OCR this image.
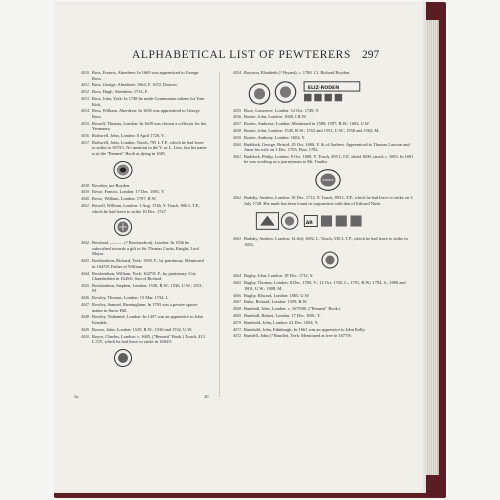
ALPHABETICAL LIST OF PEWTERERS 297
4030. Ross, Francis, Aberdeen: In 1669 was apprenticed to George Ross.
4031. Ross, George, Aberdeen: 1664, F. 1672, Deacon.
4032. Ross, Hugh, Aberdeen: 1713, F.
4033. Ross, John, York: In 1748 he made Communion tokens for Yarn Kirk.
4034. Ross, William, Aberdeen: In 1650 was apprenticed to George Ross.
4035. Rossell, Thomas, London: In 1609 was chosen a collector for the Yeomanry.
4036. Rothwell, John, London: 8 April 1726, Y.
4037. Rothwell, John, London: Touch, 795 L.T.P., which he had leave to strike in 1670/1. No mention in the Y. or L. Lists, but his name is in the "Bennett" Book as dying in 1681.
4038. Rowden, see Boyden.
4039. Rowe, Francis, London: 17 Dec. 1691, Y.
4040. Rowe, William, London: 1707, R.W.
4041. Rowell, William, London: 1 Aug. 1746, Y. Touch, 806 L.T.P., which he had leave to strike 10 Dec. 1747.
4042. Rowland, ——— (? Rowlandson), London: In 1556 he subscribed towards a gift to Sir Thomas Curtis, Knight, Lord Mayor.
4043. Rowlandson, Richard, York: 1590, F., by patrimony. Mentioned in 1647/8. Father of William.
4044. Rowlandson, William, York: 1627/8, F., by patrimony. City Chamberlain in 1645/6. Son of Richard.
4045. Rowlandson, Stephen, London: 1530, R.W.; 1536, U.W.; 1551, M.
4046. Rowley, Thomas, London: 15 Mar. 1734, L.
4047. Rowley, Samuel, Birmingham: In 1793 was a pewter spoon-maker in Snow Hill.
4048. Rowley, Nathaniel, London: In 1457 was an apprentice to John Kendale.
4049. Rowse, John, London: 1529, R.W.; 1536 and 1532, U.W.
4050. Royce, Charles, London: c. 1685, ("Bennett" Book.) Touch, 413 L.T.P., which he had leave to strike in 1684/5.
4054. Royston, Elizabeth (? Bryant), c. 1700. Cf. Richard Royden.
ELIZ·RODEN
4055. Roze, Lawrence, London: 12 Oct. 1749, Y.
4056. Rozier, John, London: 1600, I.R.W.
4057. Rozier, Ambrose, London: Mentioned in 1580; 1597, R.W.; 1603, U.W.
4058. Rozier, John, London: 1545, R.W.; 1552 and 1553, U.W.; 1558 and 1563, M.
4059. Rozier, Anthony, London: 1604, Y.
4060. Rudduck, George, Bristol: 25 Oct. 1690, Y. & of Andrew. Apprenticed to Thomas Lawson and Anne his wife on 3 Dec. 1753. Fine, 1782.
4061. Rudduck, Philip, London: 9 Oct. 1690, Y. Touch, 495 L.T.P., dated 1690, struck c. 1693. In 1691 he was working as a journeyman to Mr. Taudin.
4062. Rudsby, Andrew, London: 18 Dec. 1712, Y. Touch, 893 L.T.P., which he had leave to strike on 3 July 1728. His mark has been found in conjunction with that of Edward Nash.
AR
4063. Rudsby, Andrew, London: 14 July 1692, L. Touch, 530 L.T.P., which he had leave to strike in 1692.
4064. Rugby, John, London: 18 Dec. 1712, Y.
4065. Rugby, Thomas, London: 8 Dec. 1760, Y.; 12 Oct. 1760, L.; 1791, R.W.; 1794, S.; 1800 and 1801, U.W.; 1808, M.
4066. Rugby, Edward, London: 1805, U.W.
4067. Ruke, Richard, London: 1559, R.W.
4068. Rumball, John, London: c. 1679/80. ("Bennett" Book.)
4069. Rumball, Robert, London: 17 Dec. 1691, Y.
4070. Rumbold, John, London: 22 Dec. 1694, Y.
4071. Rumbold, John, Edinburgh: In 1661 was an apprentice to John Kelly.
4072. Rundell, John (? Rundle), York: Mentioned as free in 1677/8.
5a.	20
